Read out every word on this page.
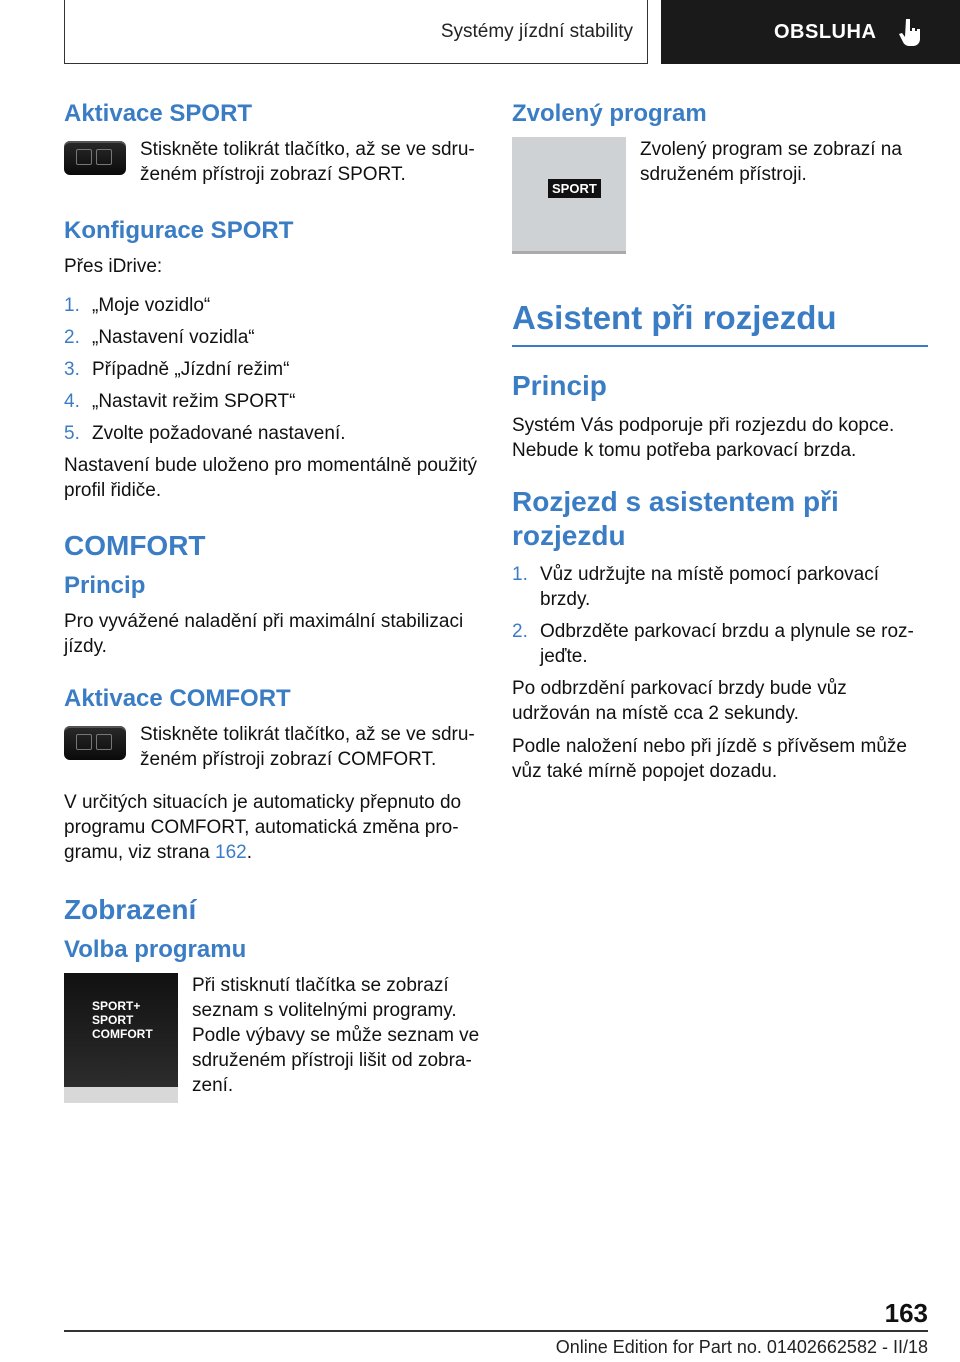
Systémy jízdní stability	OBSLUHA
Aktivace SPORT

Stiskněte tolikrát tlačítko, až se ve sdruženém přístroji zobrazí SPORT.

Konfigurace SPORT

Přes iDrive:

1. „Moje vozidlo“
2. „Nastavení vozidla“
3. Případně „Jízdní režim“
4. „Nastavit režim SPORT“
5. Zvolte požadované nastavení.

Nastavení bude uloženo pro momentálně použitý profil řidiče.

COMFORT
Princip

Pro vyvážené naladění při maximální stabilizaci jízdy.

Aktivace COMFORT

Stiskněte tolikrát tlačítko, až se ve sdruženém přístroji zobrazí COMFORT.

V určitých situacích je automaticky přepnuto do programu COMFORT, automatická změna programu, viz strana 162.

Zobrazení
Volba programu
SPORT+
SPORT
COMFORT

Při stisknutí tlačítka se zobrazí seznam s volitelnými programy. Podle výbavy se může seznam ve sdruženém přístroji lišit od zobrazení.

Zvolený program
SPORT

Zvolený program se zobrazí na sdruženém přístroji.

Asistent při rozjezdu
Princip

Systém Vás podporuje při rozjezdu do kopce. Nebude k tomu potřeba parkovací brzda.

Rozjezd s asistentem při rozjezdu
1. Vůz udržujte na místě pomocí parkovací brzdy.
2. Odbrzděte parkovací brzdu a plynule se rozjeďte.

Po odbrzdění parkovací brzdy bude vůz udržován na místě cca 2 sekundy.

Podle naložení nebo při jízdě s přívěsem může vůz také mírně popojet dozadu.

163
Online Edition for Part no. 01402662582 - II/18
